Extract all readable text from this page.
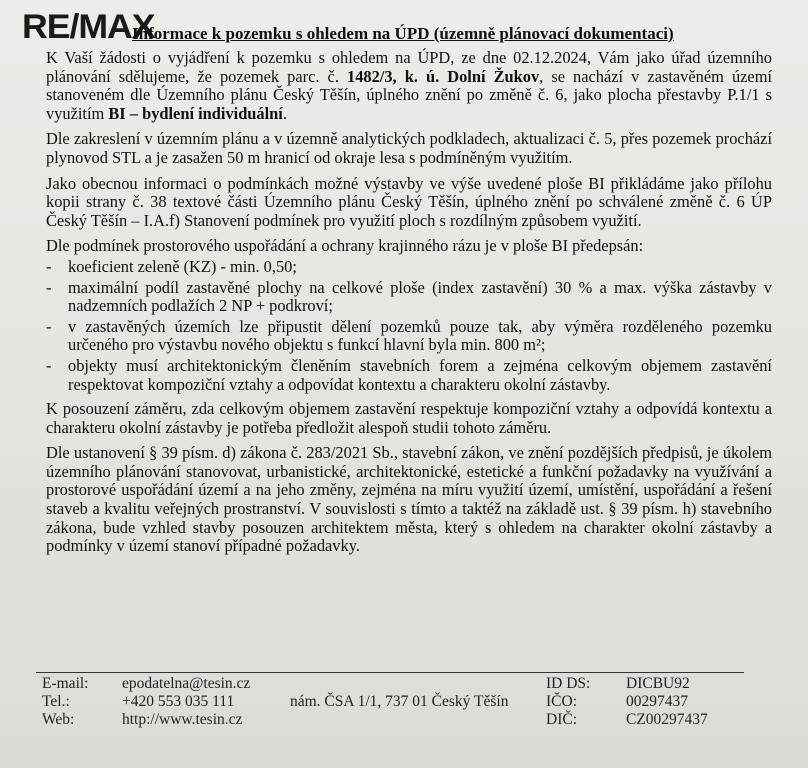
RE/MAX
Informace k pozemku s ohledem na ÚPD (územně plánovací dokumentaci)

K Vaší žádosti o vyjádření k pozemku s ohledem na ÚPD, ze dne 02.12.2024, Vám jako úřad územního plánování sdělujeme, že pozemek parc. č. 1482/3, k. ú. Dolní Žukov, se nachází v zastavěném území stanoveném dle Územního plánu Český Těšín, úplného znění po změně č. 6, jako plocha přestavby P.1/1 s využitím BI – bydlení individuální.

Dle zakreslení v územním plánu a v územně analytických podkladech, aktualizaci č. 5, přes pozemek prochází plynovod STL a je zasažen 50 m hranicí od okraje lesa s podmíněným využitím.

Jako obecnou informaci o podmínkách možné výstavby ve výše uvedené ploše BI přikládáme jako přílohu kopii strany č. 38 textové části Územního plánu Český Těšín, úplného znění po schválené změně č. 6 ÚP Český Těšín – I.A.f) Stanovení podmínek pro využití ploch s rozdílným způsobem využití.

Dle podmínek prostorového uspořádání a ochrany krajinného rázu je v ploše BI předepsán:

- koeficient zeleně (KZ) - min. 0,50;
- maximální podíl zastavěné plochy na celkové ploše (index zastavění) 30 % a max. výška zástavby v nadzemních podlažích 2 NP + podkroví;
- v zastavěných územích lze připustit dělení pozemků pouze tak, aby výměra rozděleného pozemku určeného pro výstavbu nového objektu s funkcí hlavní byla min. 800 m²;
- objekty musí architektonickým členěním stavebních forem a zejména celkovým objemem zastavění respektovat kompoziční vztahy a odpovídat kontextu a charakteru okolní zástavby.

K posouzení záměru, zda celkovým objemem zastavění respektuje kompoziční vztahy a odpovídá kontextu a charakteru okolní zástavby je potřeba předložit alespoň studii tohoto záměru.

Dle ustanovení § 39 písm. d) zákona č. 283/2021 Sb., stavební zákon, ve znění pozdějších předpisů, je úkolem územního plánování stanovovat, urbanistické, architektonické, estetické a funkční požadavky na využívání a prostorové uspořádání území a na jeho změny, zejména na míru využití území, umístění, uspořádání a řešení staveb a kvalitu veřejných prostranství. V souvislosti s tímto a taktéž na základě ust. § 39 písm. h) stavebního zákona, bude vzhled stavby posouzen architektem města, který s ohledem na charakter okolní zástavby a podmínky v území stanoví případné požadavky.

E-mail:
Tel.:
Web:
epodatelna@tesin.cz
+420 553 035 111
http://www.tesin.cz
nám. ČSA 1/1, 737 01 Český Těšín
ID DS:
IČO:
DIČ:
DICBU92
00297437
CZ00297437
